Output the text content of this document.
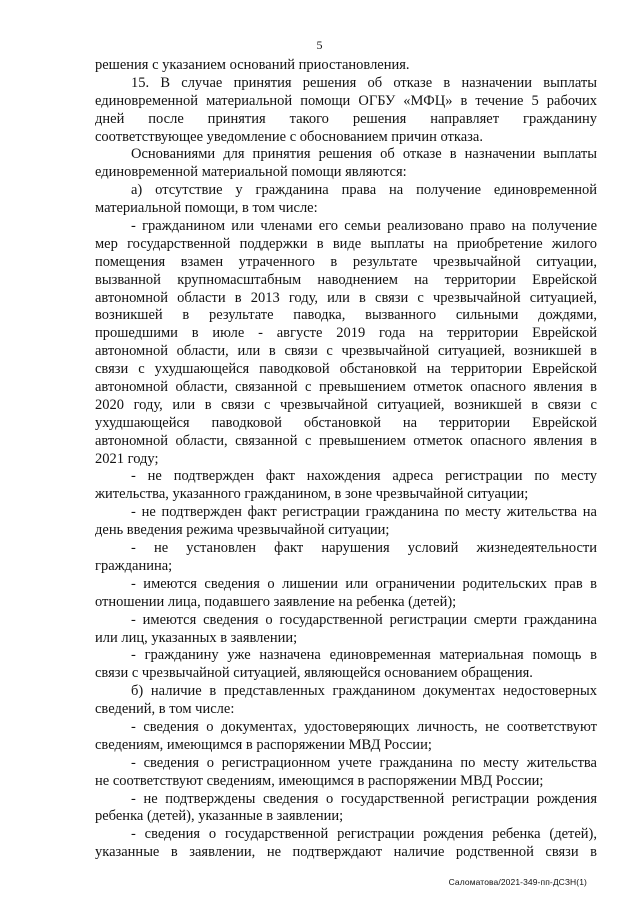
5
решения с указанием оснований приостановления.
15. В случае принятия решения об отказе в назначении выплаты
единовременной материальной помощи ОГБУ «МФЦ» в течение 5 рабочих
дней после принятия такого решения направляет гражданину
соответствующее уведомление с обоснованием причин отказа.
Основаниями для принятия решения об отказе в назначении выплаты
единовременной материальной помощи являются:
а) отсутствие у гражданина права на получение единовременной
материальной помощи, в том числе:
- гражданином или членами его семьи реализовано право на получение
мер государственной поддержки в виде выплаты на приобретение жилого
помещения взамен утраченного в результате чрезвычайной ситуации,
вызванной крупномасштабным наводнением на территории Еврейской
автономной области в 2013 году, или в связи с чрезвычайной ситуацией,
возникшей в результате паводка, вызванного сильными дождями,
прошедшими в июле - августе 2019 года на территории Еврейской
автономной области, или в связи с чрезвычайной ситуацией, возникшей в
связи с ухудшающейся паводковой обстановкой на территории Еврейской
автономной области, связанной с превышением отметок опасного явления в
2020 году, или в связи с чрезвычайной ситуацией, возникшей в связи с
ухудшающейся паводковой обстановкой на территории Еврейской
автономной области, связанной с превышением отметок опасного явления в
2021 году;
- не подтвержден факт нахождения адреса регистрации по месту
жительства, указанного гражданином, в зоне чрезвычайной ситуации;
- не подтвержден факт регистрации гражданина по месту жительства на
день введения режима чрезвычайной ситуации;
- не установлен факт нарушения условий жизнедеятельности
гражданина;
- имеются сведения о лишении или ограничении родительских прав в
отношении лица, подавшего заявление на ребенка (детей);
- имеются сведения о государственной регистрации смерти гражданина
или лиц, указанных в заявлении;
- гражданину уже назначена единовременная материальная помощь в
связи с чрезвычайной ситуацией, являющейся основанием обращения.
б) наличие в представленных гражданином документах недостоверных
сведений, в том числе:
- сведения о документах, удостоверяющих личность, не соответствуют
сведениям, имеющимся в распоряжении МВД России;
- сведения о регистрационном учете гражданина по месту жительства
не соответствуют сведениям, имеющимся в распоряжении МВД России;
- не подтверждены сведения о государственной регистрации рождения
ребенка (детей), указанные в заявлении;
- сведения о государственной регистрации рождения ребенка (детей),
указанные в заявлении, не подтверждают наличие родственной связи в
Саломатова/2021-349-пп-ДСЗН(1)
